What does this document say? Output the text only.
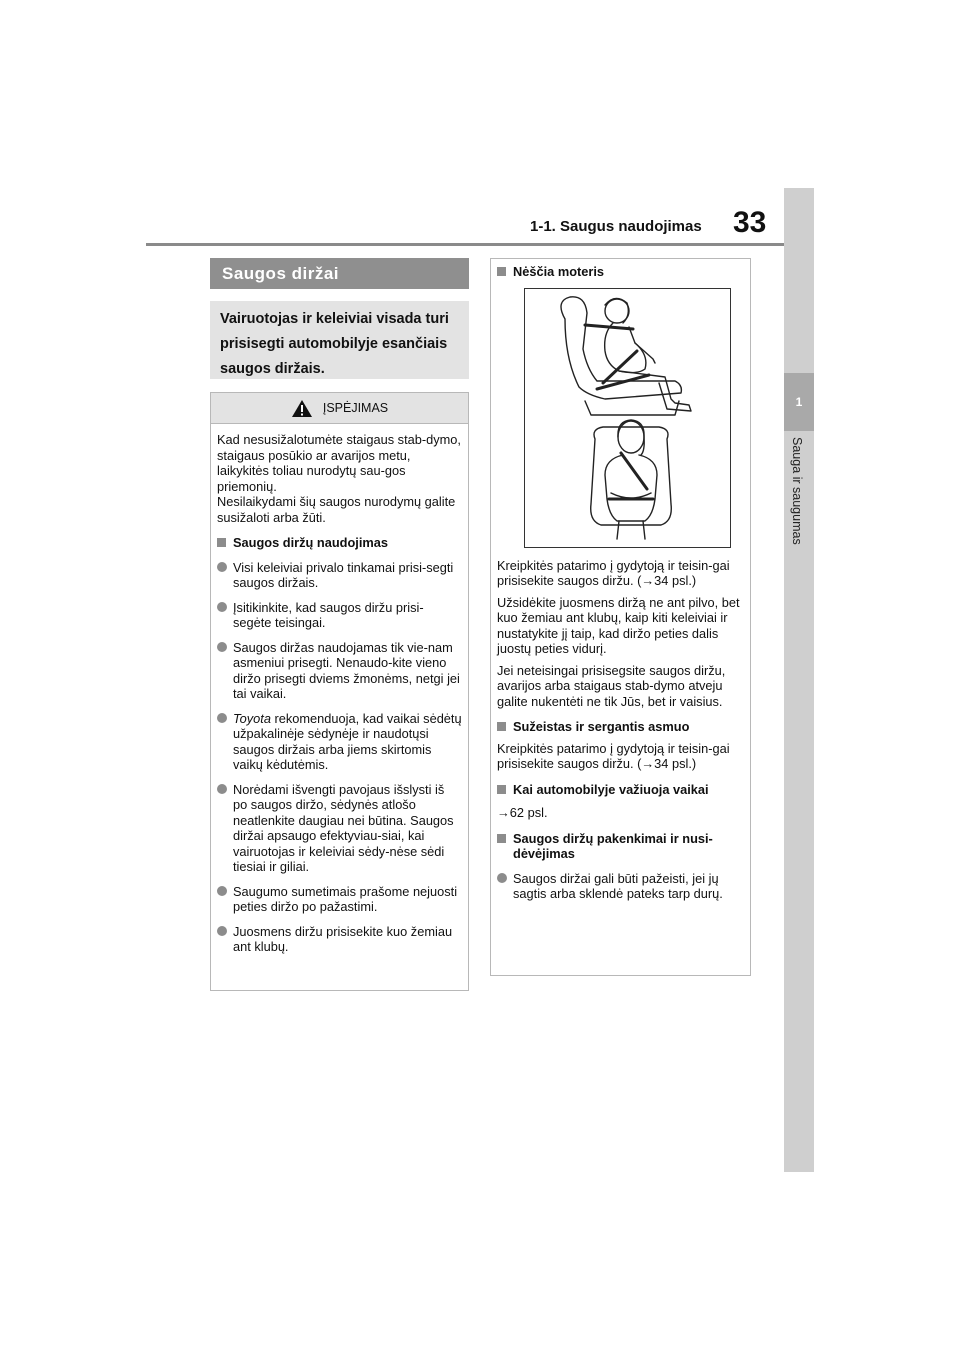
1-1. Saugus naudojimas 33
1
Sauga ir saugumas
Saugos diržai
Vairuotojas ir keleiviai visada turi prisisegti automobilyje esančiais saugos diržais.
ĮSPĖJIMAS

Kad nesusižalotumėte staigaus stab-dymo, staigaus posūkio ar avarijos metu, laikykitės toliau nurodytų sau-gos priemonių.

Nesilaikydami šių saugos nurodymų galite susižaloti arba žūti.

Saugos diržų naudojimas
Visi keleiviai privalo tinkamai prisi-segti saugos diržais.
Įsitikinkite, kad saugos diržu prisi-segėte teisingai.
Saugos diržas naudojamas tik vie-nam asmeniui prisegti. Nenaudo-kite vieno diržo prisegti dviems žmonėms, netgi jei tai vaikai.
Toyota rekomenduoja, kad vaikai sėdėtų užpakalinėje sėdynėje ir naudotųsi saugos diržais arba jiems skirtomis vaikų kėdutėmis.
Norėdami išvengti pavojaus išslysti iš po saugos diržo, sėdynės atlošo neatlenkite daugiau nei būtina. Saugos diržai apsaugo efektyviau-siai, kai vairuotojas ir keleiviai sėdy-nėse sėdi tiesiai ir giliai.
Saugumo sumetimais prašome nejuosti peties diržo po pažastimi.
Juosmens diržu prisisekite kuo žemiau ant klubų.
Nėščia moteris

Kreipkitės patarimo į gydytoją ir teisin-gai prisisekite saugos diržu. (→34 psl.)

Užsidėkite juosmens diržą ne ant pilvo, bet kuo žemiau ant klubų, kaip kiti keleiviai ir nustatykite jį taip, kad diržo peties dalis juostų peties vidurį.

Jei neteisingai prisisegsite saugos diržu, avarijos arba staigaus stab-dymo atveju galite nukentėti ne tik Jūs, bet ir vaisius.

Sužeistas ir sergantis asmuo

Kreipkitės patarimo į gydytoją ir teisin-gai prisisekite saugos diržu. (→34 psl.)

Kai automobilyje važiuoja vaikai

→62 psl.

Saugos diržų pakenkimai ir nusi-dėvėjimas
Saugos diržai gali būti pažeisti, jei jų sagtis arba sklendė pateks tarp durų.
